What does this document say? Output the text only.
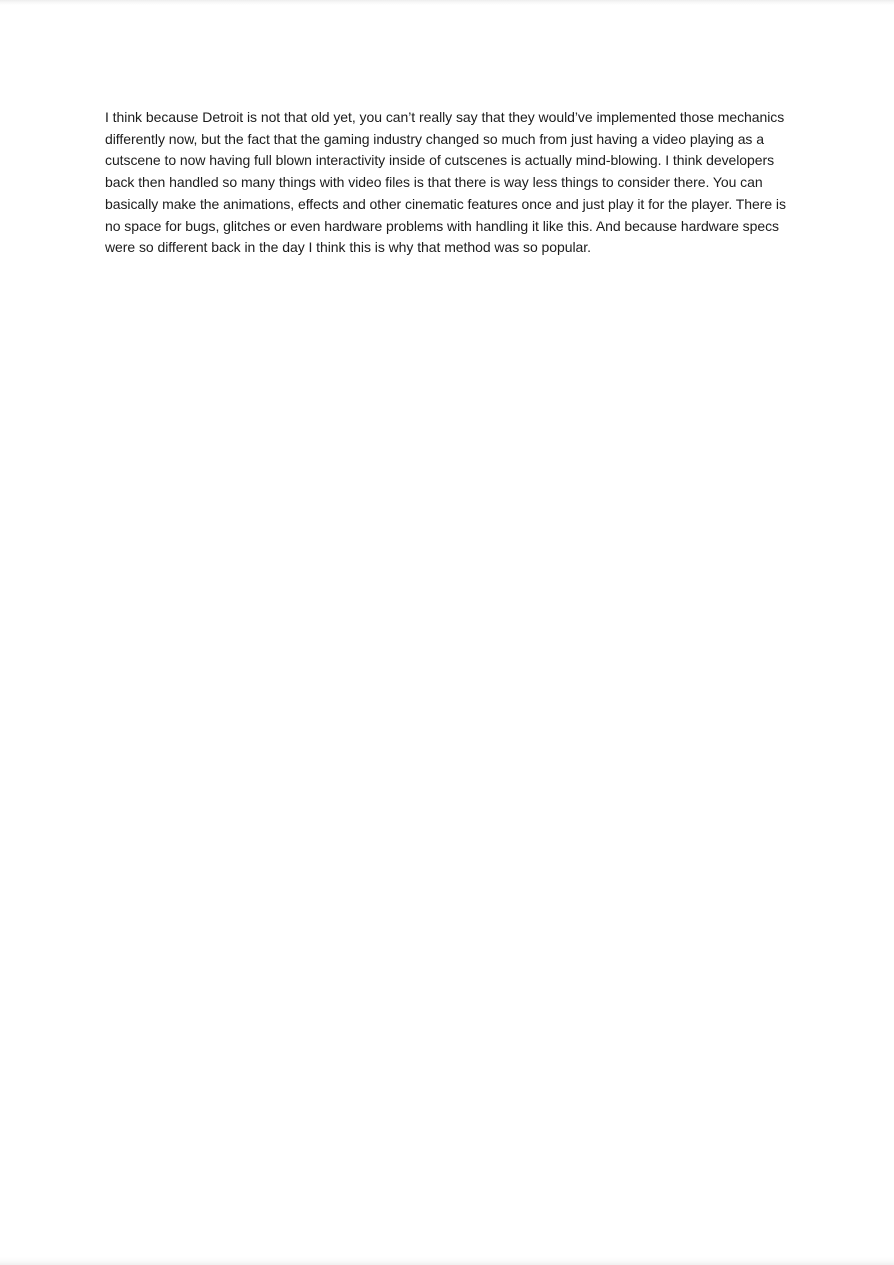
I think because Detroit is not that old yet, you can’t really say that they would’ve implemented those mechanics differently now, but the fact that the gaming industry changed so much from just having a video playing as a cutscene to now having full blown interactivity inside of cutscenes is actually mind-blowing. I think developers back then handled so many things with video files is that there is way less things to consider there. You can basically make the animations, effects and other cinematic features once and just play it for the player. There is no space for bugs, glitches or even hardware problems with handling it like this. And because hardware specs were so different back in the day I think this is why that method was so popular.
